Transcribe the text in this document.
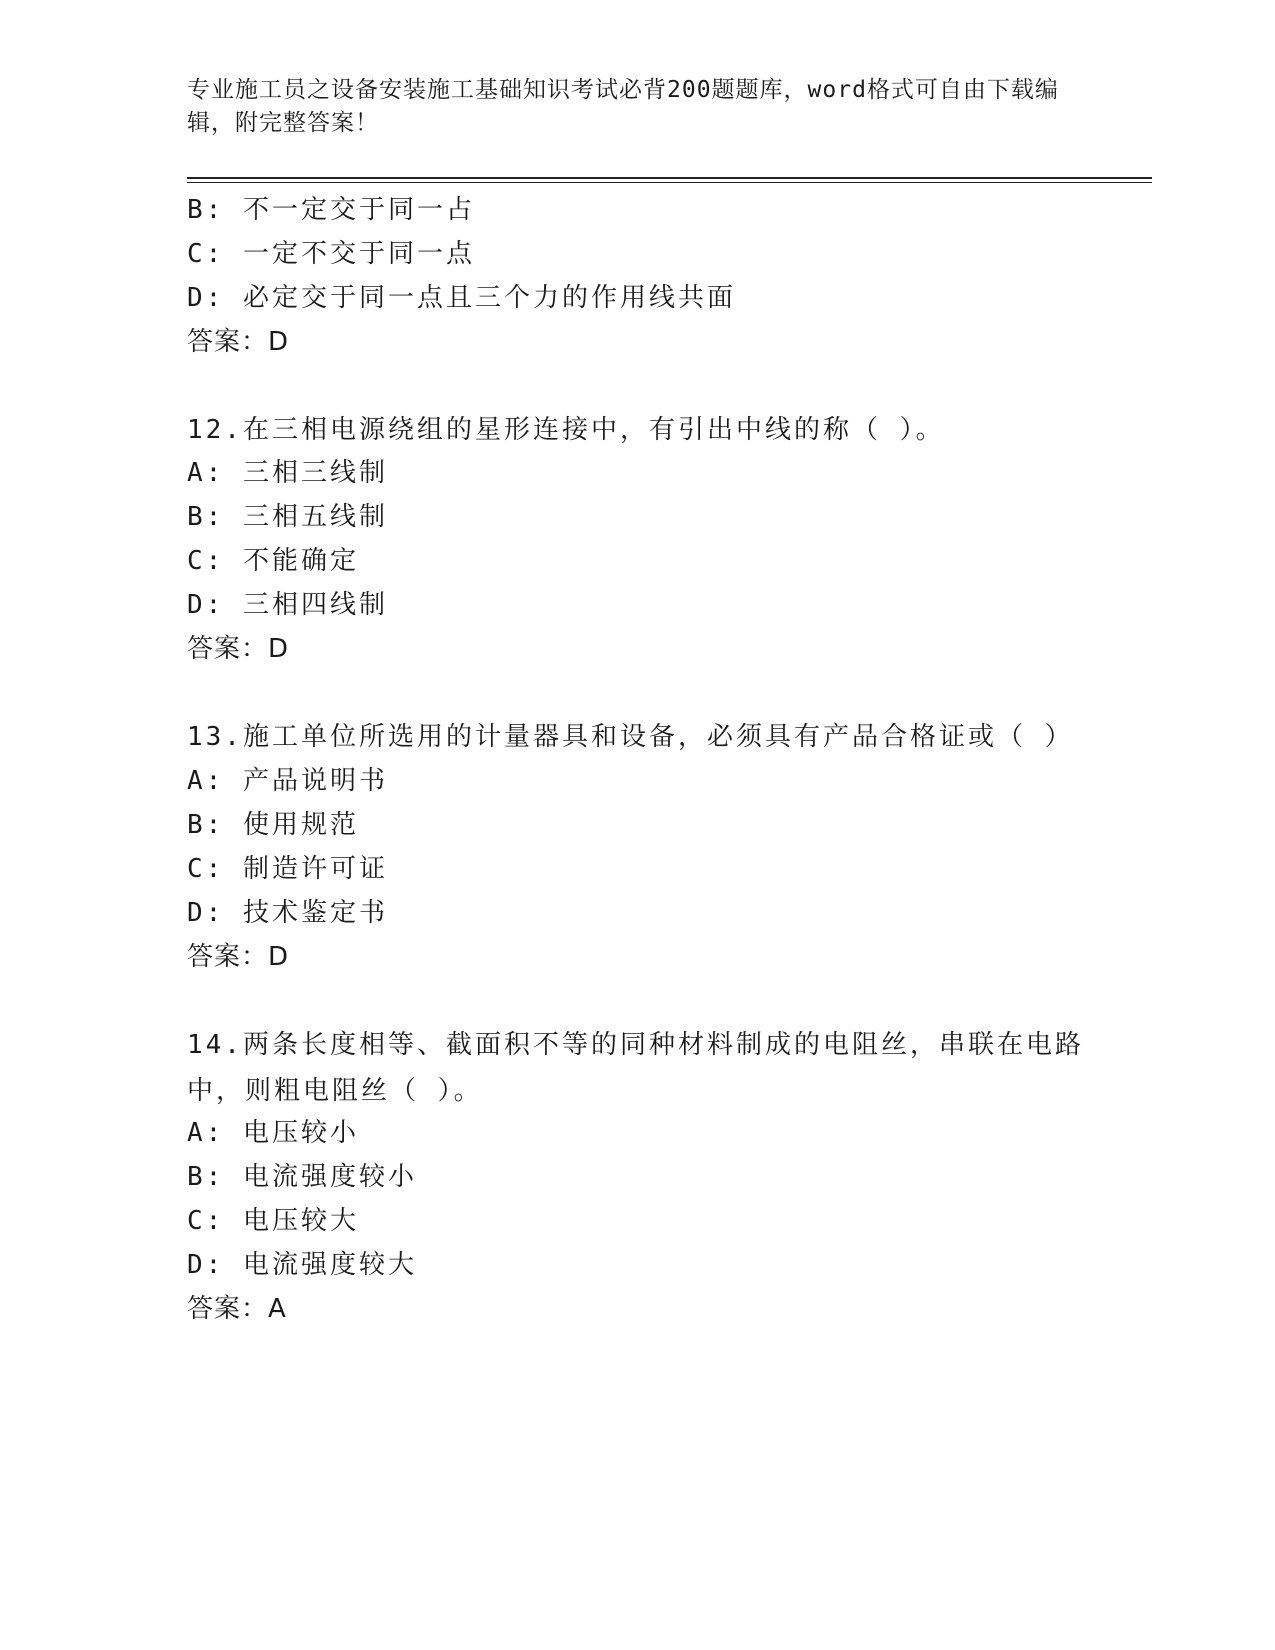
专业施工员之设备安装施工基础知识考试必背200题题库，word格式可自由下载编辑，附完整答案！
B: 不一定交于同一占
C: 一定不交于同一点
D: 必定交于同一点且三个力的作用线共面
答案：D
12.在三相电源绕组的星形连接中，有引出中线的称（ ）。
A: 三相三线制
B: 三相五线制
C: 不能确定
D: 三相四线制
答案：D
13.施工单位所选用的计量器具和设备，必须具有产品合格证或（ ）
A: 产品说明书
B: 使用规范
C: 制造许可证
D: 技术鉴定书
答案：D
14.两条长度相等、截面积不等的同种材料制成的电阻丝，串联在电路中，则粗电阻丝（ ）。
A: 电压较小
B: 电流强度较小
C: 电压较大
D: 电流强度较大
答案：A
